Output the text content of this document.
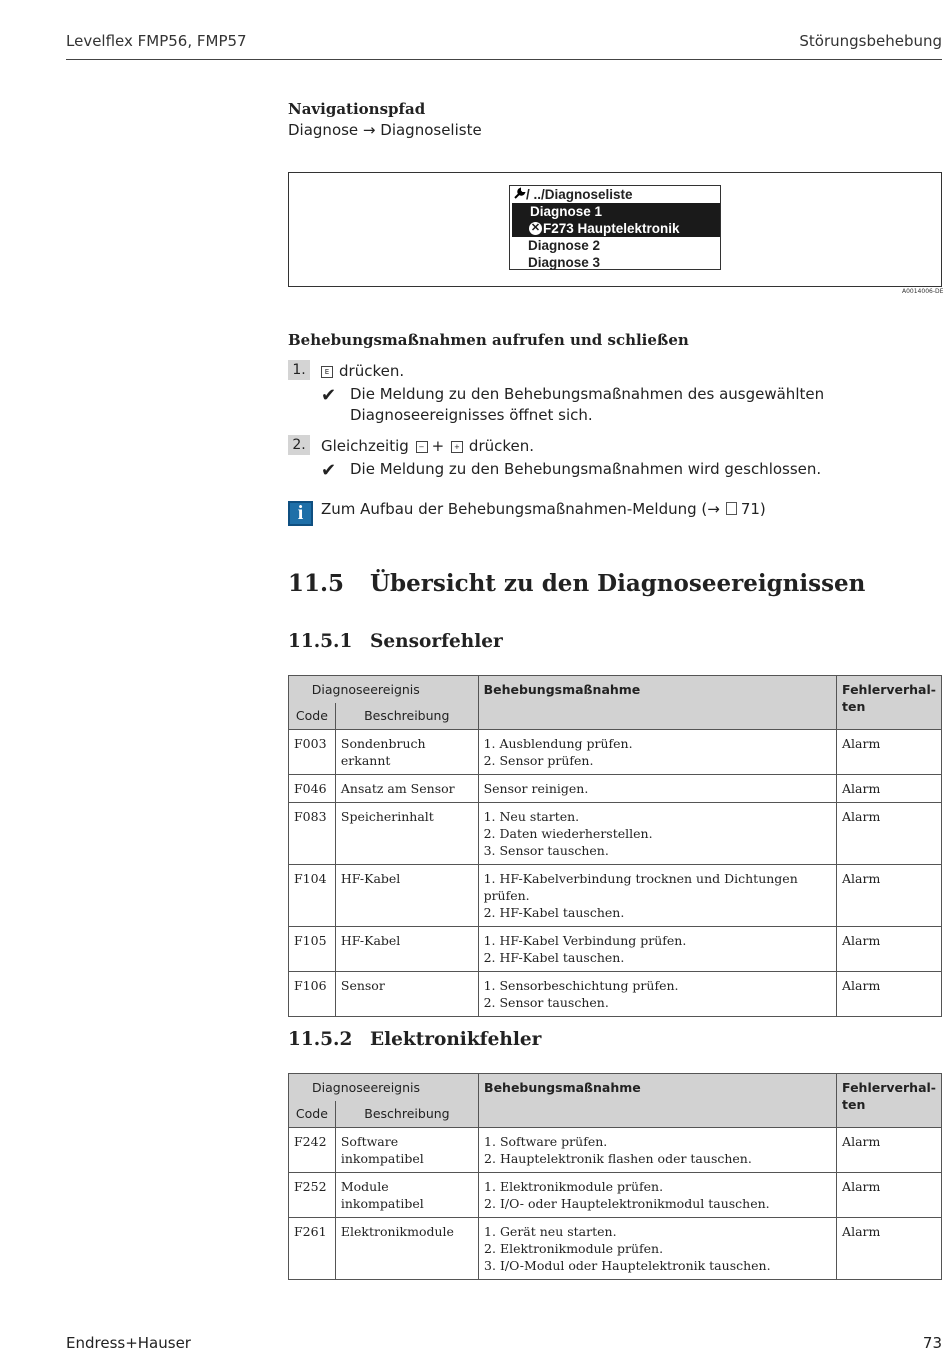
Levelflex FMP56, FMP57	Störungsbehebung
Navigationspfad
Diagnose → Diagnoseliste
/ ../Diagnoseliste
Diagnose 1
✕ F273 Hauptelektronik
Diagnose 2
Diagnose 3
A0014006-DE
Behebungsmaßnahmen aufrufen und schließen
1.	E drücken.
✔ Die Meldung zu den Behebungsmaßnahmen des ausgewählten Diagnoseereignisses öffnet sich.
2. Gleichzeitig − + + drücken.
✔ Die Meldung zu den Behebungsmaßnahmen wird geschlossen.
i	Zum Aufbau der Behebungsmaßnahmen-Meldung (→ 71)
11.5 Übersicht zu den Diagnoseereignissen
11.5.1 Sensorfehler
Diagnoseereignis		Behebungsmaßnahme	Fehlerverhal-ten
Code	Beschreibung		
F003	Sondenbruch erkannt	1. Ausblendung prüfen.
2. Sensor prüfen.	Alarm
F046	Ansatz am Sensor	Sensor reinigen.	Alarm
F083	Speicherinhalt	1. Neu starten.
2. Daten wiederherstellen.
3. Sensor tauschen.	Alarm
F104	HF-Kabel	1. HF-Kabelverbindung trocknen und Dichtungen prüfen.
2. HF-Kabel tauschen.	Alarm
F105	HF-Kabel	1. HF-Kabel Verbindung prüfen.
2. HF-Kabel tauschen.	Alarm
F106	Sensor	1. Sensorbeschichtung prüfen.
2. Sensor tauschen.	Alarm
11.5.2 Elektronikfehler
Diagnoseereignis		Behebungsmaßnahme	Fehlerverhal-ten
Code	Beschreibung		
F242	Software inkompatibel	1. Software prüfen.
2. Hauptelektronik flashen oder tauschen.	Alarm
F252	Module inkompatibel	1. Elektronikmodule prüfen.
2. I/O- oder Hauptelektronikmodul tauschen.	Alarm
F261	Elektronikmodule	1. Gerät neu starten.
2. Elektronikmodule prüfen.
3. I/O-Modul oder Hauptelektronik tauschen.	Alarm
Endress+Hauser	73
